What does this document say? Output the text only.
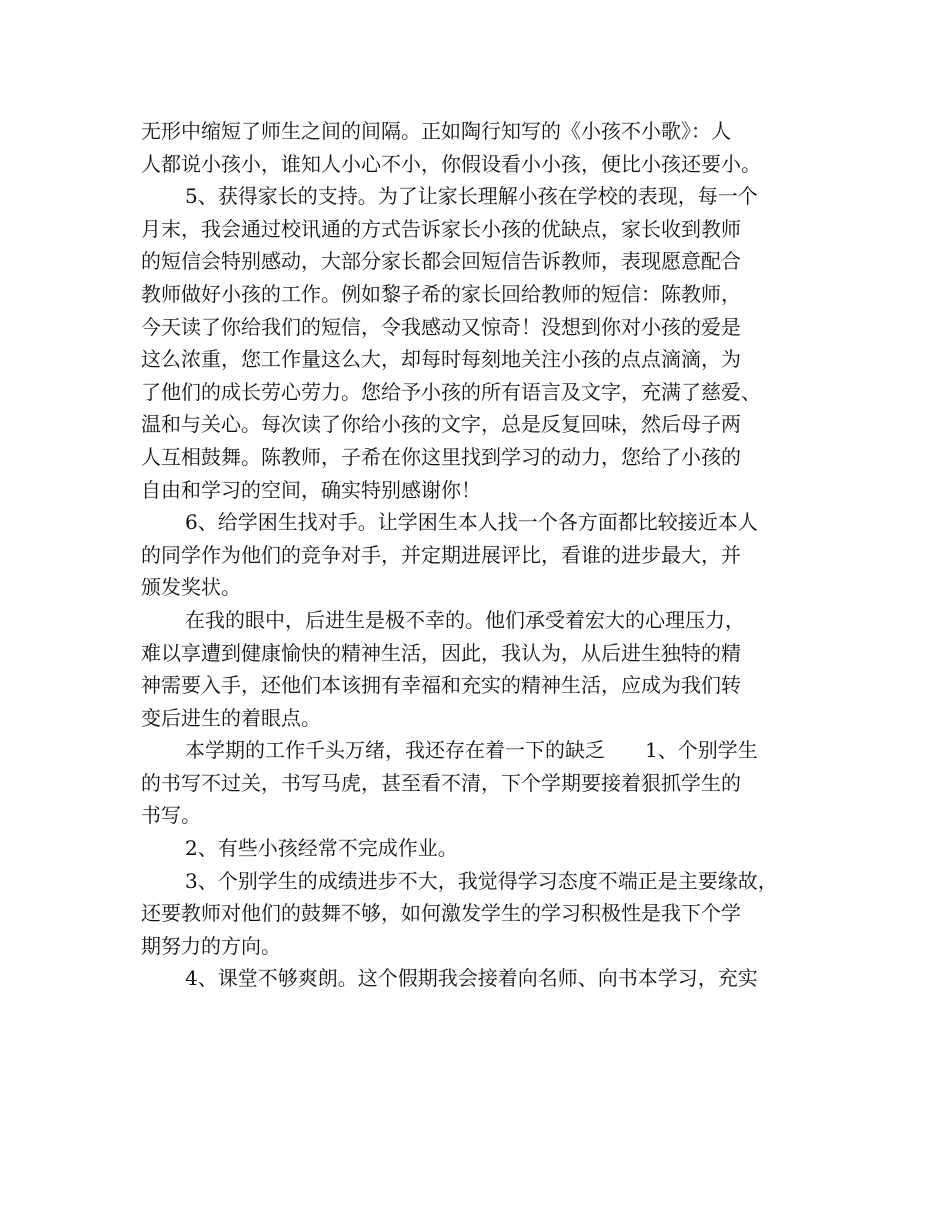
无形中缩短了师生之间的间隔。正如陶行知写的《小孩不小歌》：人
人都说小孩小，谁知人小心不小，你假设看小小孩，便比小孩还要小。
5、获得家长的支持。为了让家长理解小孩在学校的表现，每一个
月末，我会通过校讯通的方式告诉家长小孩的优缺点，家长收到教师
的短信会特别感动，大部分家长都会回短信告诉教师，表现愿意配合
教师做好小孩的工作。例如黎子希的家长回给教师的短信：陈教师，
今天读了你给我们的短信，令我感动又惊奇！没想到你对小孩的爱是
这么浓重，您工作量这么大，却每时每刻地关注小孩的点点滴滴，为
了他们的成长劳心劳力。您给予小孩的所有语言及文字，充满了慈爱、
温和与关心。每次读了你给小孩的文字，总是反复回味，然后母子两
人互相鼓舞。陈教师，子希在你这里找到学习的动力，您给了小孩的
自由和学习的空间，确实特别感谢你！
6、给学困生找对手。让学困生本人找一个各方面都比较接近本人
的同学作为他们的竞争对手，并定期进展评比，看谁的进步最大，并
颁发奖状。
在我的眼中，后进生是极不幸的。他们承受着宏大的心理压力，
难以享遭到健康愉快的精神生活，因此，我认为，从后进生独特的精
神需要入手，还他们本该拥有幸福和充实的精神生活，应成为我们转
变后进生的着眼点。
本学期的工作千头万绪，我还存在着一下的缺乏　　1、个别学生
的书写不过关，书写马虎，甚至看不清，下个学期要接着狠抓学生的
书写。
2、有些小孩经常不完成作业。
3、个别学生的成绩进步不大，我觉得学习态度不端正是主要缘故，
还要教师对他们的鼓舞不够，如何激发学生的学习积极性是我下个学
期努力的方向。
4、课堂不够爽朗。这个假期我会接着向名师、向书本学习，充实
